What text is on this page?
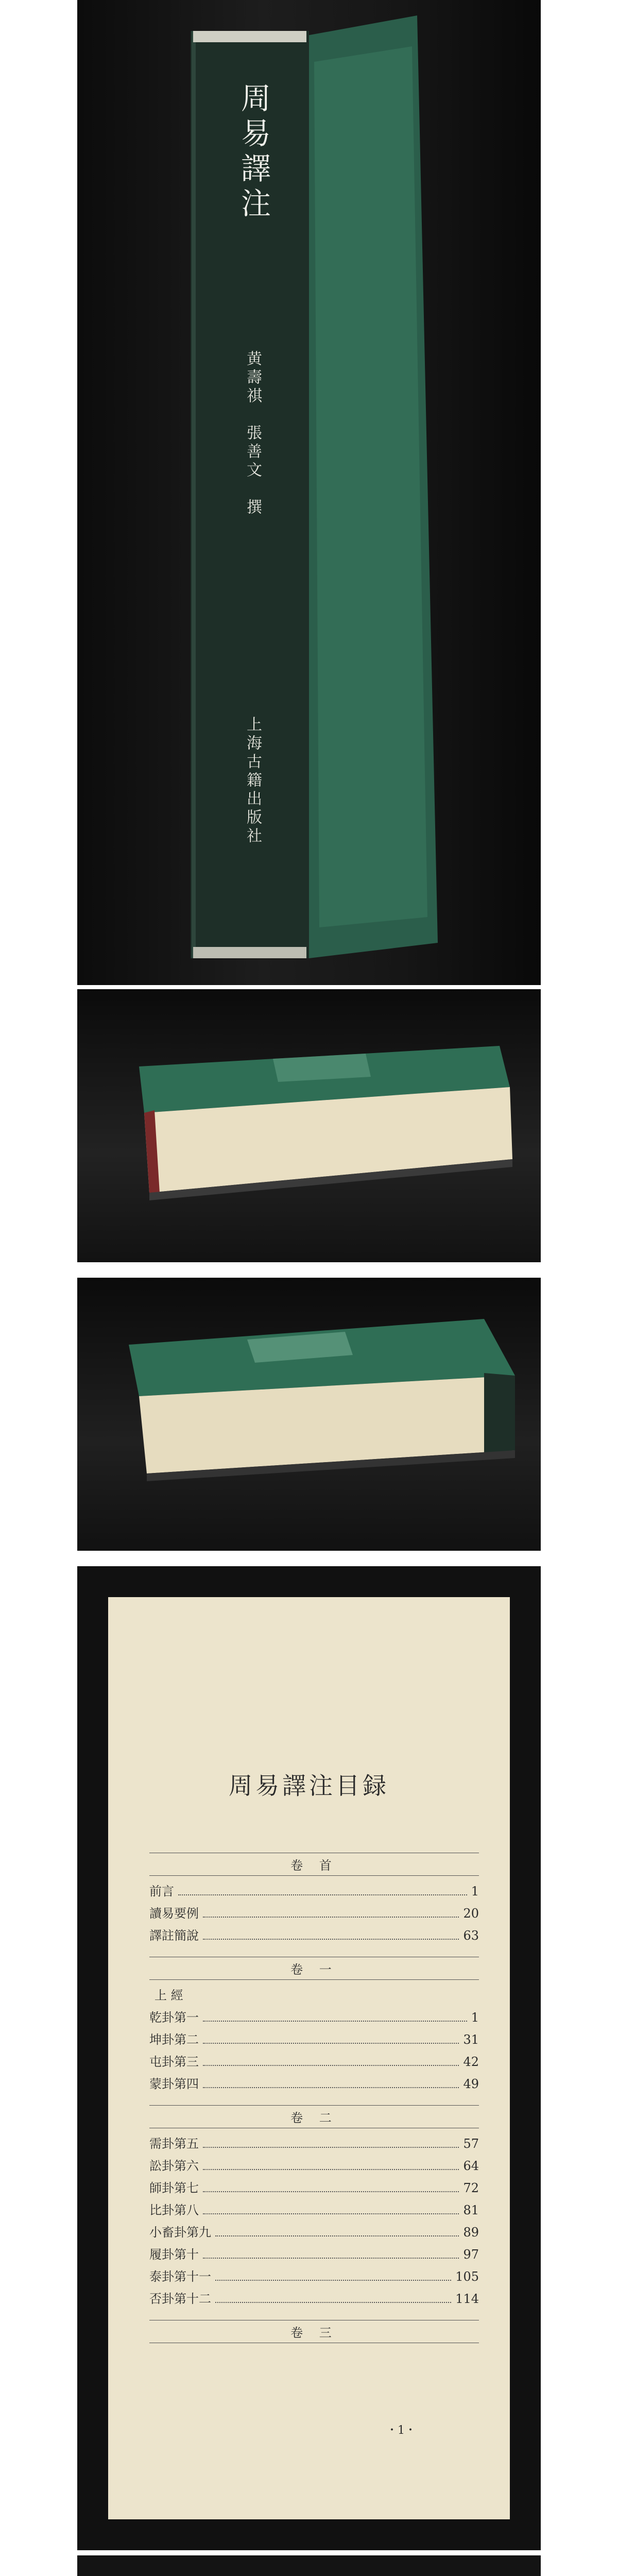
周易譯注
黄壽祺　張善文　撰
上海古籍出版社
周易譯注目録
卷 首
前言	1
讀易要例	20
譯註簡說	63
卷 一
上 經
乾卦第一	1
坤卦第二	31
屯卦第三	42
蒙卦第四	49
卷 二
需卦第五	57
訟卦第六	64
師卦第七	72
比卦第八	81
小畜卦第九	89
履卦第十	97
泰卦第十一	105
否卦第十二	114
卷 三
・1・
